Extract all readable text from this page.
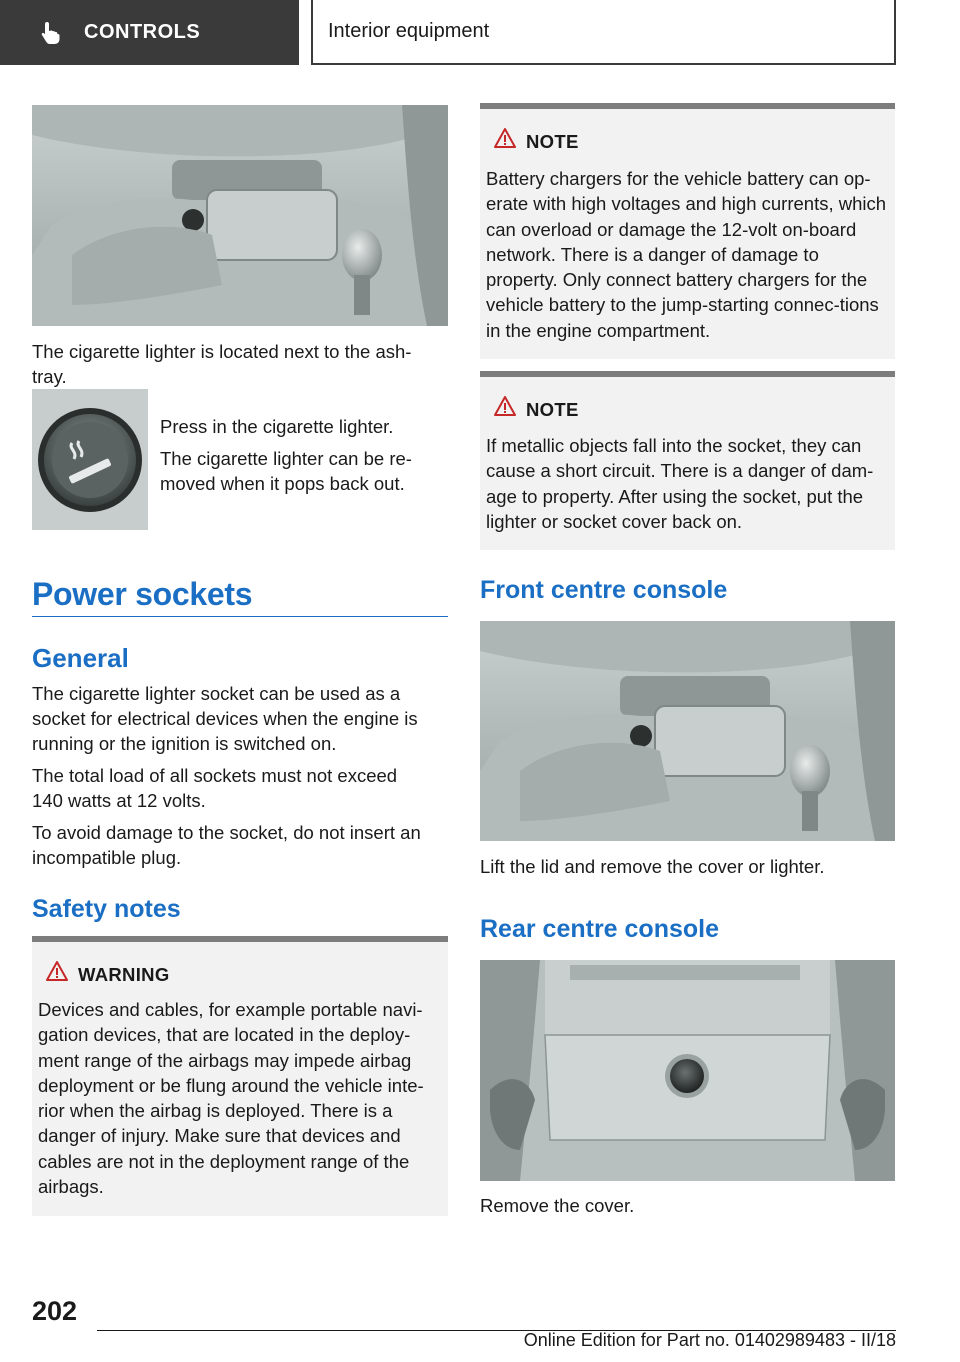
CONTROLS	Interior equipment
The cigarette lighter is located next to the ash-tray.
Press in the cigarette lighter.
The cigarette lighter can be re-moved when it pops back out.
Power sockets
General
The cigarette lighter socket can be used as a socket for electrical devices when the engine is running or the ignition is switched on.
The total load of all sockets must not exceed 140 watts at 12 volts.
To avoid damage to the socket, do not insert an incompatible plug.
Safety notes
WARNING
Devices and cables, for example portable navi-gation devices, that are located in the deploy-ment range of the airbags may impede airbag deployment or be flung around the vehicle inte-rior when the airbag is deployed. There is a danger of injury. Make sure that devices and cables are not in the deployment range of the airbags.
NOTE
Battery chargers for the vehicle battery can op-erate with high voltages and high currents, which can overload or damage the 12-volt on-board network. There is a danger of damage to property. Only connect battery chargers for the vehicle battery to the jump-starting connec-tions in the engine compartment.
NOTE
If metallic objects fall into the socket, they can cause a short circuit. There is a danger of dam-age to property. After using the socket, put the lighter or socket cover back on.
Front centre console
Lift the lid and remove the cover or lighter.
Rear centre console
Remove the cover.
202
Online Edition for Part no. 01402989483 - II/18
